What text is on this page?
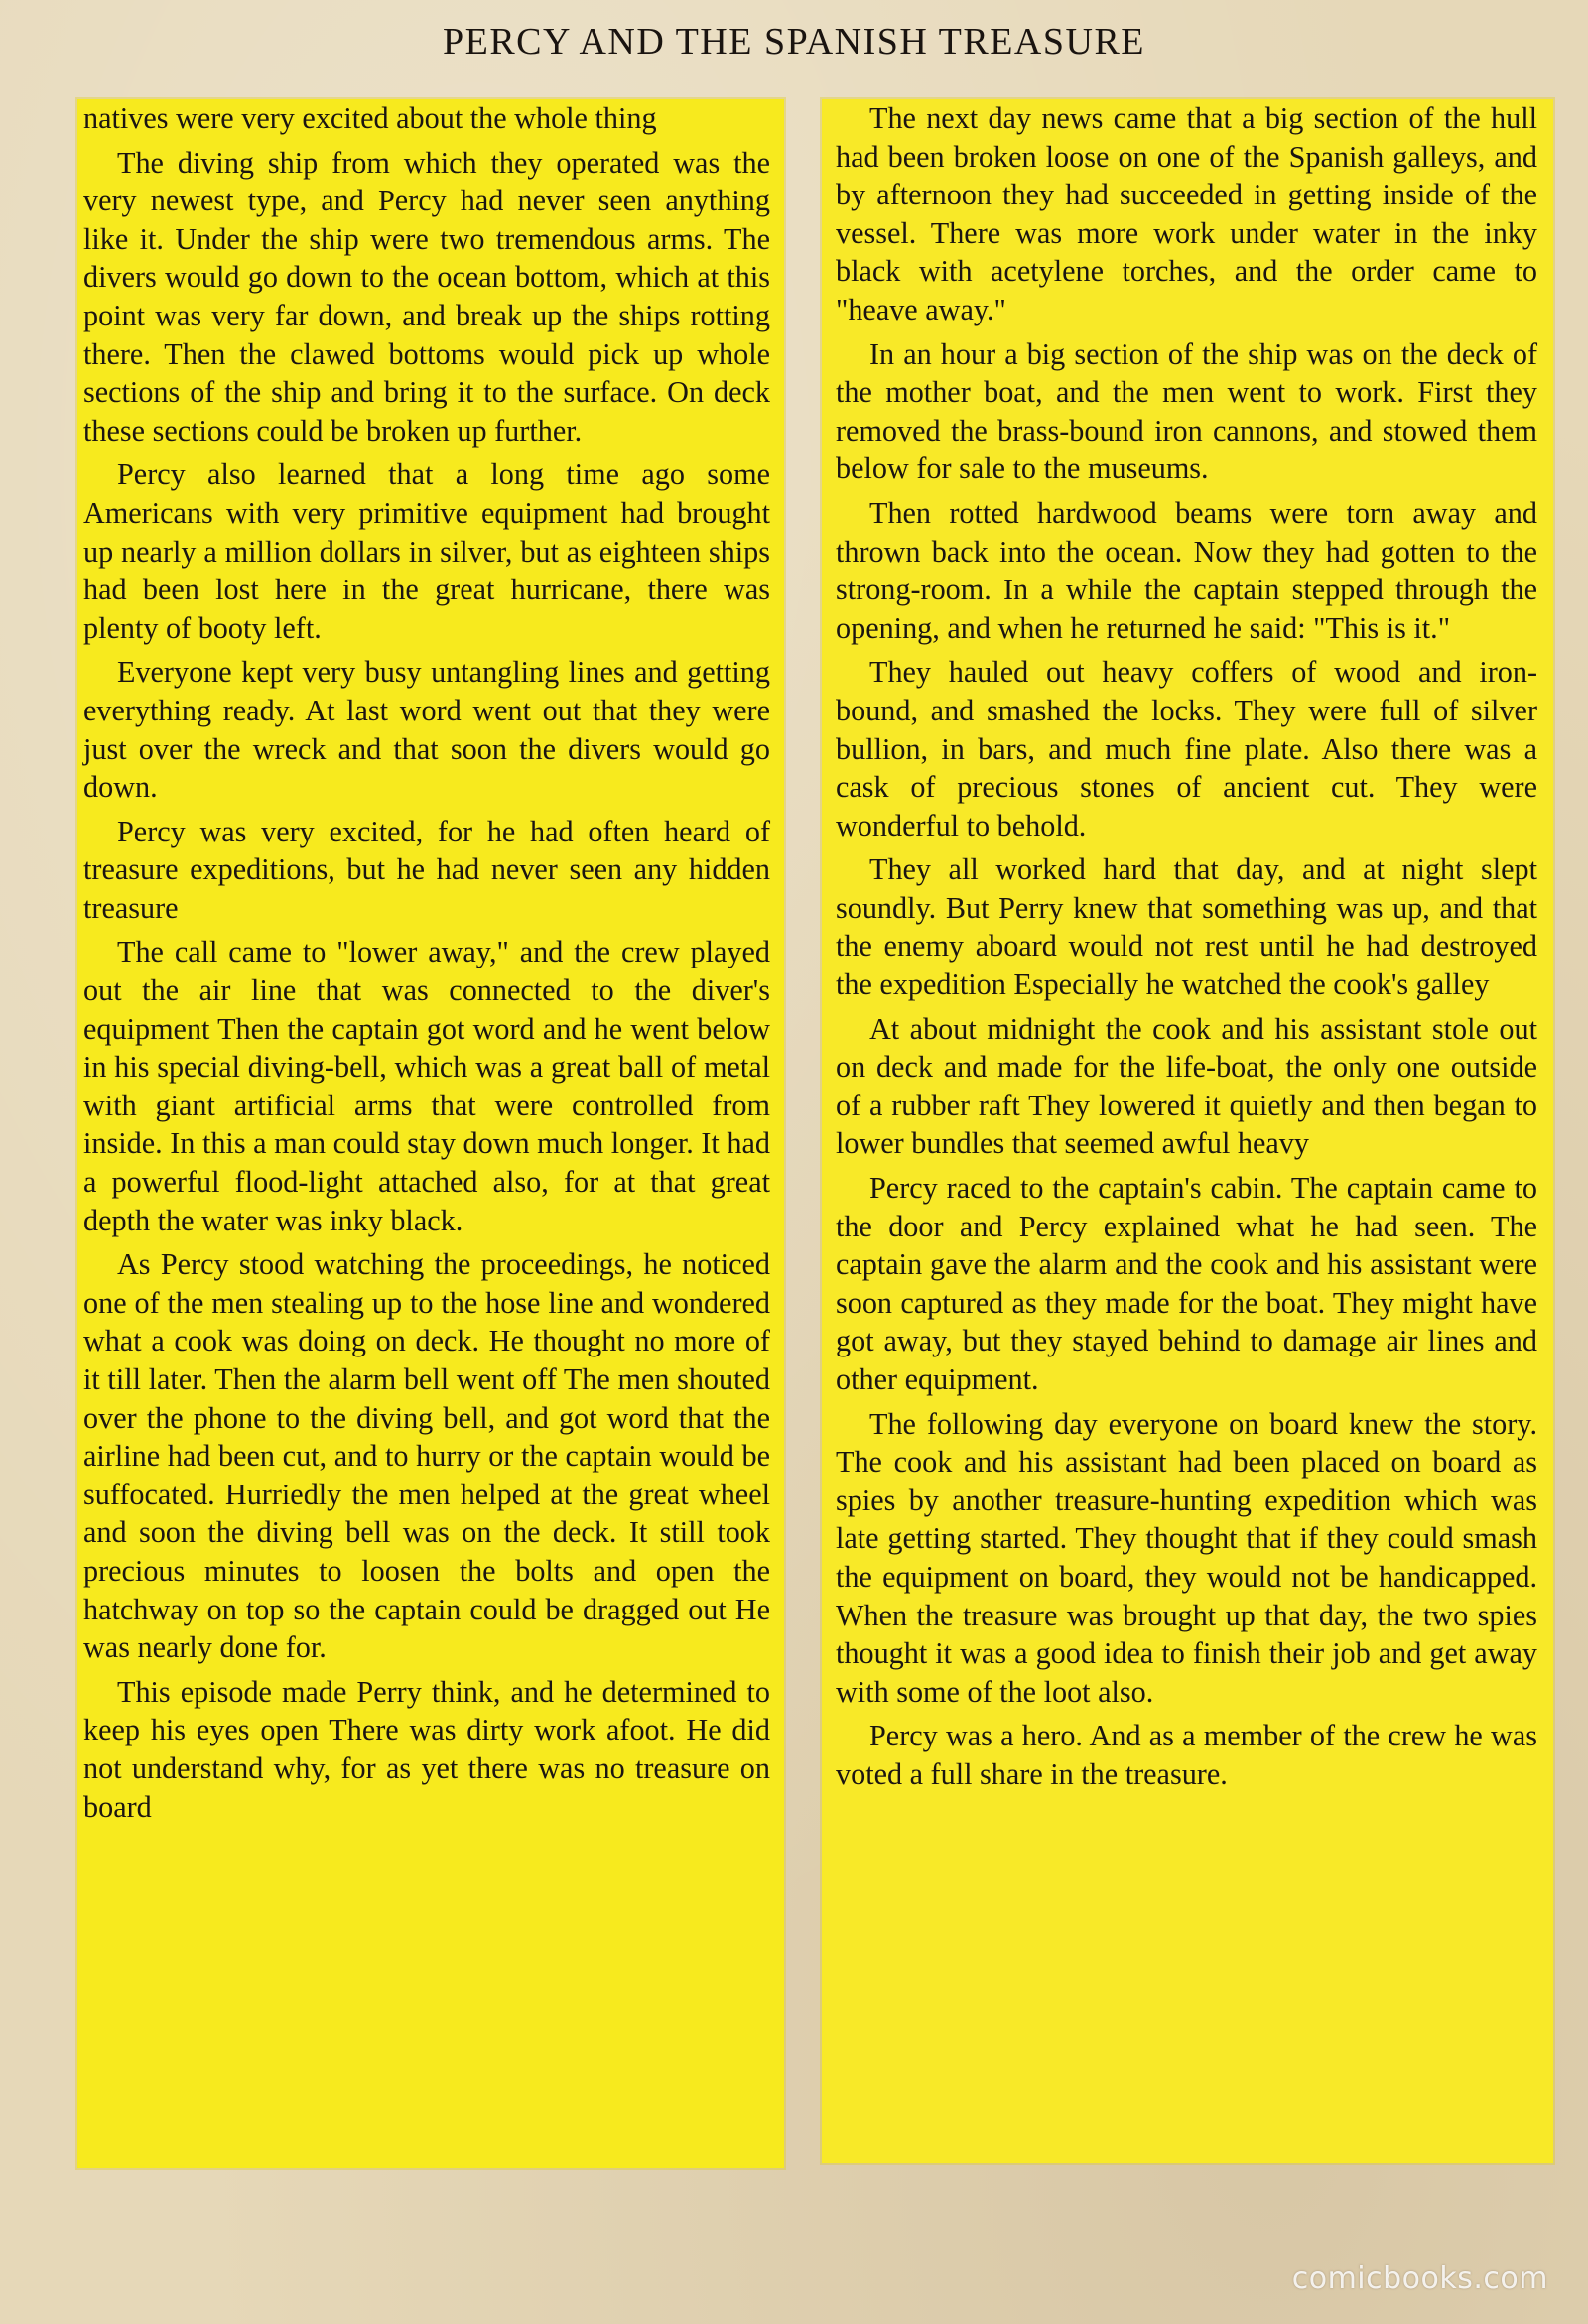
PERCY AND THE SPANISH TREASURE

natives were very excited about the whole thing

The diving ship from which they operated was the very newest type, and Percy had never seen anything like it. Under the ship were two tremendous arms. The divers would go down to the ocean bottom, which at this point was very far down, and break up the ships rotting there. Then the clawed bottoms would pick up whole sections of the ship and bring it to the surface. On deck these sections could be broken up further.

Percy also learned that a long time ago some Americans with very primitive equipment had brought up nearly a million dollars in silver, but as eighteen ships had been lost here in the great hurricane, there was plenty of booty left.

Everyone kept very busy untangling lines and getting everything ready. At last word went out that they were just over the wreck and that soon the divers would go down.

Percy was very excited, for he had often heard of treasure expeditions, but he had never seen any hidden treasure

The call came to "lower away," and the crew played out the air line that was connected to the diver's equipment Then the captain got word and he went below in his special diving-bell, which was a great ball of metal with giant artificial arms that were controlled from inside. In this a man could stay down much longer. It had a powerful flood-light attached also, for at that great depth the water was inky black.

As Percy stood watching the proceedings, he noticed one of the men stealing up to the hose line and wondered what a cook was doing on deck. He thought no more of it till later. Then the alarm bell went off The men shouted over the phone to the diving bell, and got word that the airline had been cut, and to hurry or the captain would be suffocated. Hurriedly the men helped at the great wheel and soon the diving bell was on the deck. It still took precious minutes to loosen the bolts and open the hatchway on top so the captain could be dragged out He was nearly done for.

This episode made Perry think, and he determined to keep his eyes open There was dirty work afoot. He did not understand why, for as yet there was no treasure on board

The next day news came that a big section of the hull had been broken loose on one of the Spanish galleys, and by afternoon they had succeeded in getting inside of the vessel. There was more work under water in the inky black with acetylene torches, and the order came to "heave away."

In an hour a big section of the ship was on the deck of the mother boat, and the men went to work. First they removed the brass-bound iron cannons, and stowed them below for sale to the museums.

Then rotted hardwood beams were torn away and thrown back into the ocean. Now they had gotten to the strong-room. In a while the captain stepped through the opening, and when he returned he said: "This is it."

They hauled out heavy coffers of wood and iron-bound, and smashed the locks. They were full of silver bullion, in bars, and much fine plate. Also there was a cask of precious stones of ancient cut. They were wonderful to behold.

They all worked hard that day, and at night slept soundly. But Perry knew that something was up, and that the enemy aboard would not rest until he had destroyed the expedition Especially he watched the cook's galley

At about midnight the cook and his assistant stole out on deck and made for the life-boat, the only one outside of a rubber raft They lowered it quietly and then began to lower bundles that seemed awful heavy

Percy raced to the captain's cabin. The captain came to the door and Percy explained what he had seen. The captain gave the alarm and the cook and his assistant were soon captured as they made for the boat. They might have got away, but they stayed behind to damage air lines and other equipment.

The following day everyone on board knew the story. The cook and his assistant had been placed on board as spies by another treasure-hunting expedition which was late getting started. They thought that if they could smash the equipment on board, they would not be handicapped. When the treasure was brought up that day, the two spies thought it was a good idea to finish their job and get away with some of the loot also.

Percy was a hero. And as a member of the crew he was voted a full share in the treasure.

comicbooks.com
